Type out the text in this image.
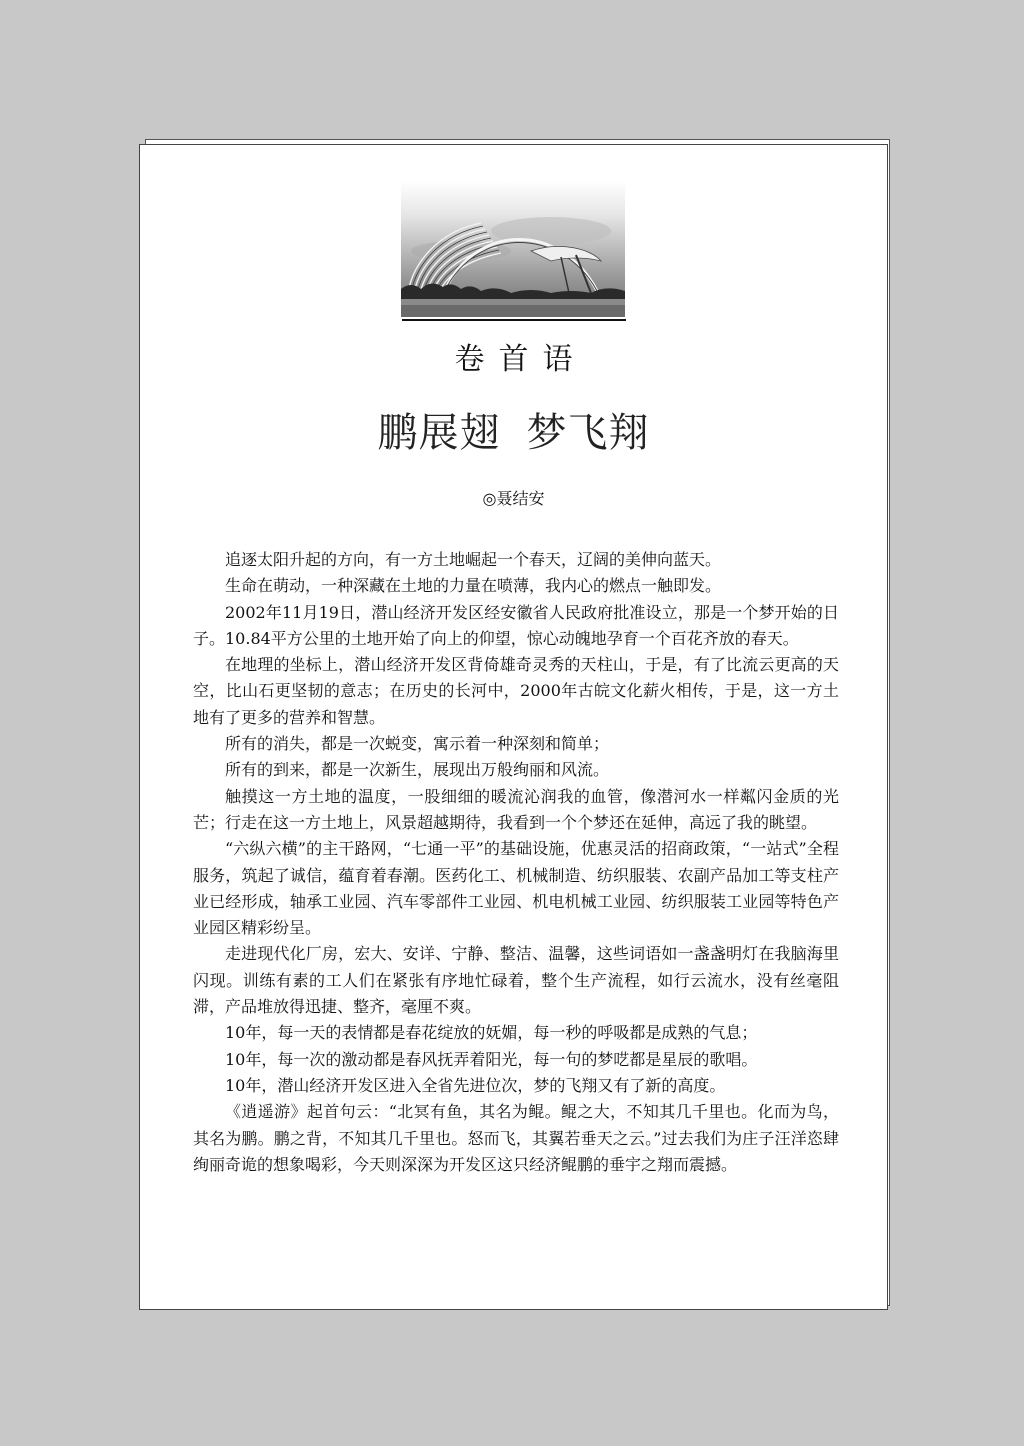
卷首语
鹏展翅 梦飞翔
◎聂结安

追逐太阳升起的方向，有一方土地崛起一个春天，辽阔的美伸向蓝天。

生命在萌动，一种深藏在土地的力量在喷薄，我内心的燃点一触即发。

2002年11月19日，潜山经济开发区经安徽省人民政府批准设立，那是一个梦开始的日子。10.84平方公里的土地开始了向上的仰望，惊心动魄地孕育一个百花齐放的春天。

在地理的坐标上，潜山经济开发区背倚雄奇灵秀的天柱山，于是，有了比流云更高的天空，比山石更坚韧的意志；在历史的长河中，2000年古皖文化薪火相传，于是，这一方土地有了更多的营养和智慧。

所有的消失，都是一次蜕变，寓示着一种深刻和简单；

所有的到来，都是一次新生，展现出万般绚丽和风流。

触摸这一方土地的温度，一股细细的暖流沁润我的血管，像潜河水一样粼闪金质的光芒；行走在这一方土地上，风景超越期待，我看到一个个梦还在延伸，高远了我的眺望。

“六纵六横”的主干路网，“七通一平”的基础设施，优惠灵活的招商政策，“一站式”全程服务，筑起了诚信，蕴育着春潮。医药化工、机械制造、纺织服装、农副产品加工等支柱产业已经形成，轴承工业园、汽车零部件工业园、机电机械工业园、纺织服装工业园等特色产业园区精彩纷呈。

走进现代化厂房，宏大、安详、宁静、整洁、温馨，这些词语如一盏盏明灯在我脑海里闪现。训练有素的工人们在紧张有序地忙碌着，整个生产流程，如行云流水，没有丝毫阻滞，产品堆放得迅捷、整齐，毫厘不爽。

10年，每一天的表情都是春花绽放的妩媚，每一秒的呼吸都是成熟的气息；

10年，每一次的激动都是春风抚弄着阳光，每一句的梦呓都是星辰的歌唱。

10年，潜山经济开发区进入全省先进位次，梦的飞翔又有了新的高度。

《逍遥游》起首句云：“北冥有鱼，其名为鲲。鲲之大，不知其几千里也。化而为鸟，其名为鹏。鹏之背，不知其几千里也。怒而飞，其翼若垂天之云。”过去我们为庄子汪洋恣肆绚丽奇诡的想象喝彩，今天则深深为开发区这只经济鲲鹏的垂宇之翔而震撼。
